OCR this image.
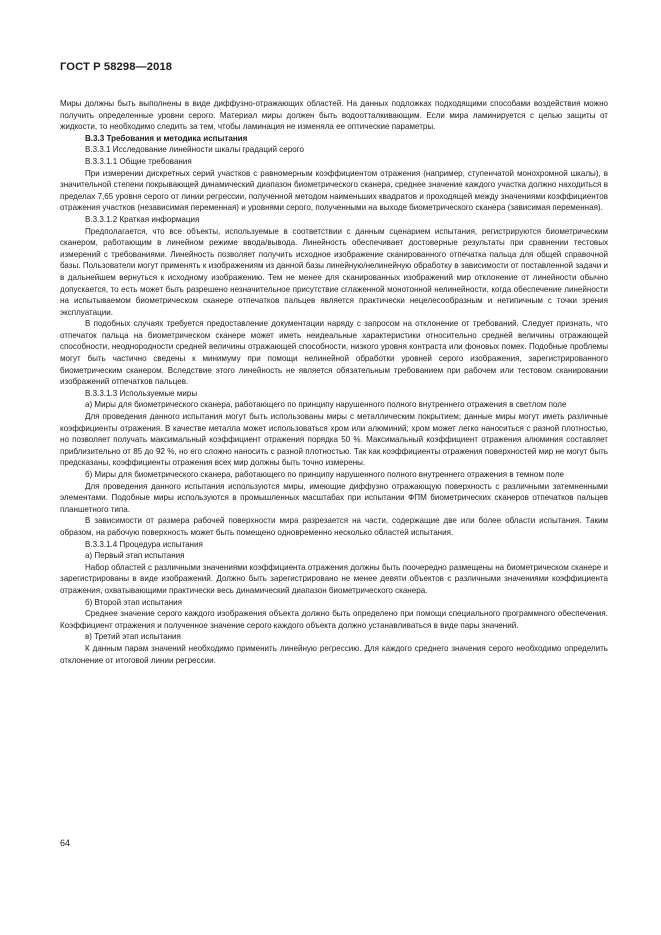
ГОСТ Р 58298—2018

Миры должны быть выполнены в виде диффузно-отражающих областей. На данных подложках подходящими способами воздействия можно получить определенные уровни серого. Материал миры должен быть водоотталкивающим. Если мира ламинируется с целью защиты от жидкости, то необходимо следить за тем, чтобы ламинация не изменяла ее оптические параметры.

В.3.3 Требования и методика испытания

В.3.3.1 Исследование линейности шкалы градаций серого

В.3.3.1.1 Общие требования

При измерении дискретных серий участков с равномерным коэффициентом отражения (например, ступенчатой монохромной шкалы), в значительной степени покрывающей динамический диапазон биометрического сканера, среднее значение каждого участка должно находиться в пределах 7,65 уровня серого от линии регрессии, полученной методом наименьших квадратов и проходящей между значениями коэффициентов отражения участков (независимая переменная) и уровнями серого, полученными на выходе биометрического сканера (зависимая переменная).

В.3.3.1.2 Краткая информация

Предполагается, что все объекты, используемые в соответствии с данным сценарием испытания, регистрируются биометрическим сканером, работающим в линейном режиме ввода/вывода. Линейность обеспечивает достоверные результаты при сравнении тестовых измерений с требованиями. Линейность позволяет получить исходное изображение сканированного отпечатка пальца для общей справочной базы. Пользователи могут применять к изображениям из данной базы линейную/нелинейную обработку в зависимости от поставленной задачи и в дальнейшем вернуться к исходному изображению. Тем не менее для сканированных изображений мир отклонение от линейности обычно допускается, то есть может быть разрешено незначительное присутствие сглаженной монотонной нелинейности, когда обеспечение линейности на испытываемом биометрическом сканере отпечатков пальцев является практически нецелесообразным и нетипичным с точки зрения эксплуатации.

В подобных случаях требуется предоставление документации наряду с запросом на отклонение от требований. Следует признать, что отпечаток пальца на биометрическом сканере может иметь неидеальные характеристики относительно средней величины отражающей способности, неоднородности средней величины отражающей способности, низкого уровня контраста или фоновых помех. Подобные проблемы могут быть частично сведены к минимуму при помощи нелинейной обработки уровней серого изображения, зарегистрированного биометрическим сканером. Вследствие этого линейность не является обязательным требованием при рабочем или тестовом сканировании изображений отпечатков пальцев.

В.3.3.1.3 Используемые миры

а) Миры для биометрического сканера, работающего по принципу нарушенного полного внутреннего отражения в светлом поле

Для проведения данного испытания могут быть использованы миры с металлическим покрытием; данные миры могут иметь различные коэффициенты отражения. В качестве металла может использоваться хром или алюминий; хром может легко наноситься с разной плотностью, но позволяет получать максимальный коэффициент отражения порядка 50 %. Максимальный коэффициент отражения алюминия составляет приблизительно от 85 до 92 %, но его сложно наносить с разной плотностью. Так как коэффициенты отражения поверхностей мир не могут быть предсказаны, коэффициенты отражения всех мир должны быть точно измерены.

б) Миры для биометрического сканера, работающего по принципу нарушенного полного внутреннего отражения в темном поле

Для проведения данного испытания используются миры, имеющие диффузно отражающую поверхность с различными затемненными элементами. Подобные миры используются в промышленных масштабах при испытании ФПМ биометрических сканеров отпечатков пальцев планшетного типа.

В зависимости от размера рабочей поверхности мира разрезается на части, содержащие две или более области испытания. Таким образом, на рабочую поверхность может быть помещено одновременно несколько областей испытания.

В.3.3.1.4 Процедура испытания

а) Первый этап испытания

Набор областей с различными значениями коэффициента отражения должны быть поочередно размещены на биометрическом сканере и зарегистрированы в виде изображений. Должно быть зарегистрировано не менее девяти объектов с различными значениями коэффициента отражения, охватывающими практически весь динамический диапазон биометрического сканера.

б) Второй этап испытания

Среднее значение серого каждого изображения объекта должно быть определено при помощи специального программного обеспечения. Коэффициент отражения и полученное значение серого каждого объекта должно устанавливаться в виде пары значений.

в) Третий этап испытания

К данным парам значений необходимо применить линейную регрессию. Для каждого среднего значения серого необходимо определить отклонение от итоговой линии регрессии.

64
